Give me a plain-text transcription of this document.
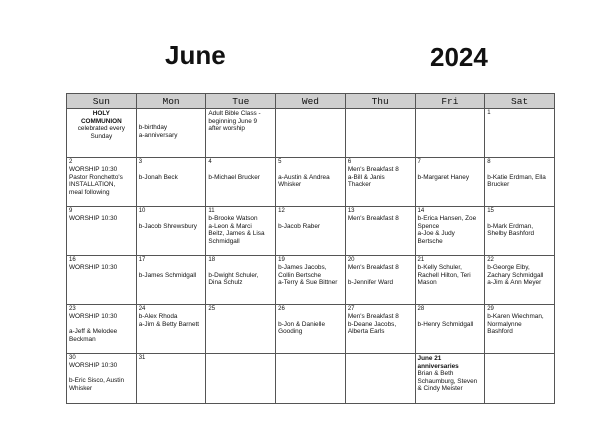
June	2024
Sun	Mon	Tue	Wed	Thu	Fri	Sat

HOLY
COMMUNION
celebrated every
Sunday	b-birthday
a-anniversary	Adult Bible Class -
beginning June 9
after worship				1

2
WORSHIP 10:30
Pastor Ronchetto's
INSTALLATION,
meal following	3

b-Jonah Beck	4

b-Michael Brucker	5

a-Austin & Andrea
Whisker	6
Men's Breakfast 8
a-Bill & Janis
Thacker	7

b-Margaret Haney	8

b-Katie Erdman, Ella
Brucker

9
WORSHIP 10:30	10

b-Jacob Shrewsbury	11
b-Brooke Watson
a-Leon & Marci
Beitz, James & Lisa
Schmidgall	12

b-Jacob Raber	13
Men's Breakfast 8	14
b-Erica Hansen, Zoe
Spence
a-Joe & Judy
Bertsche	15

b-Mark Erdman,
Shelby Bashford

16
WORSHIP 10:30	17

b-James Schmidgall	18

b-Dwight Schuler,
Dina Schulz	19
b-James Jacobs,
Collin Bertsche
a-Terry & Sue Bittner	20
Men's Breakfast 8

b-Jennifer Ward	21
b-Kelly Schuler,
Rachell Hilton, Teri
Mason	22
b-George Elby,
Zachary Schmidgall
a-Jim & Ann Meyer

23
WORSHIP 10:30

a-Jeff & Melodee
Beckman	24
b-Alex Rhoda
a-Jim & Betty Barnett	25	26

b-Jon & Danielle
Gooding	27
Men's Breakfast 8
b-Deane Jacobs,
Alberta Earls	28

b-Henry Schmidgall	29
b-Karen Wiechman,
Normalynne
Bashford

30
WORSHIP 10:30

b-Eric Sisco, Austin
Whisker	31				June 21
anniversaries
Brian & Beth
Schaumburg, Steven
& Cindy Meister	
